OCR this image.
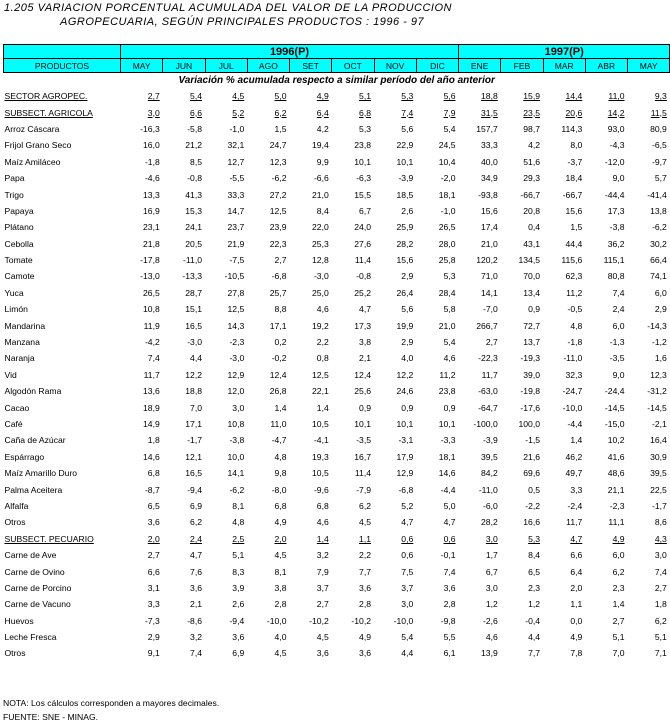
1.205 VARIACION PORCENTUAL ACUMULADA DEL VALOR DE LA PRODUCCION
AGROPECUARIA, SEGÚN PRINCIPALES PRODUCTOS : 1996 - 97
	1996(P)								1997(P)				
PRODUCTOS	MAY	JUN	JUL	AGO	SET	OCT	NOV	DIC	ENE	FEB	MAR	ABR	MAY
Variación % acumulada respecto a similar período del año anterior													
SECTOR AGROPEC.	2,7	5,4	4,5	5,0	4,9	5,1	5,3	5,6	18,8	15,9	14,4	11,0	9,3
SUBSECT. AGRICOLA	3,0	6,6	5,2	6,2	6,4	6,8	7,4	7,9	31,5	23,5	20,6	14,2	11,5
Arroz Cáscara	-16,3	-5,8	-1,0	1,5	4,2	5,3	5,6	5,4	157,7	98,7	114,3	93,0	80,9
Frijol Grano Seco	16,0	21,2	32,1	24,7	19,4	23,8	22,9	24,5	33,3	4,2	8,0	-4,3	-6,5
Maíz Amiláceo	-1,8	8,5	12,7	12,3	9,9	10,1	10,1	10,4	40,0	51,6	-3,7	-12,0	-9,7
Papa	-4,6	-0,8	-5,5	-6,2	-6,6	-6,3	-3,9	-2,0	34,9	29,3	18,4	9,0	5,7
Trigo	13,3	41,3	33,3	27,2	21,0	15,5	18,5	18,1	-93,8	-66,7	-66,7	-44,4	-41,4
Papaya	16,9	15,3	14,7	12,5	8,4	6,7	2,6	-1,0	15,6	20,8	15,6	17,3	13,8
Plátano	23,1	24,1	23,7	23,9	22,0	24,0	25,9	26,5	17,4	0,4	1,5	-3,8	-6,2
Cebolla	21,8	20,5	21,9	22,3	25,3	27,6	28,2	28,0	21,0	43,1	44,4	36,2	30,2
Tomate	-17,8	-11,0	-7,5	2,7	12,8	11,4	15,6	25,8	120,2	134,5	115,6	115,1	66,4
Camote	-13,0	-13,3	-10,5	-6,8	-3,0	-0,8	2,9	5,3	71,0	70,0	62,3	80,8	74,1
Yuca	26,5	28,7	27,8	25,7	25,0	25,2	26,4	28,4	14,1	13,4	11,2	7,4	6,0
Limón	10,8	15,1	12,5	8,8	4,6	4,7	5,6	5,8	-7,0	0,9	-0,5	2,4	2,9
Mandarina	11,9	16,5	14,3	17,1	19,2	17,3	19,9	21,0	266,7	72,7	4,8	6,0	-14,3
Manzana	-4,2	-3,0	-2,3	0,2	2,2	3,8	2,9	5,4	2,7	13,7	-1,8	-1,3	-1,2
Naranja	7,4	4,4	-3,0	-0,2	0,8	2,1	4,0	4,6	-22,3	-19,3	-11,0	-3,5	1,6
Vid	11,7	12,2	12,9	12,4	12,5	12,4	12,2	11,2	11,7	39,0	32,3	9,0	12,3
Algodón Rama	13,6	18,8	12,0	26,8	22,1	25,6	24,6	23,8	-63,0	-19,8	-24,7	-24,4	-31,2
Cacao	18,9	7,0	3,0	1,4	1,4	0,9	0,9	0,9	-64,7	-17,6	-10,0	-14,5	-14,5
Café	14,9	17,1	10,8	11,0	10,5	10,1	10,1	10,1	-100,0	100,0	-4,4	-15,0	-2,1
Caña de Azúcar	1,8	-1,7	-3,8	-4,7	-4,1	-3,5	-3,1	-3,3	-3,9	-1,5	1,4	10,2	16,4
Espárrago	14,6	12,1	10,0	4,8	19,3	16,7	17,9	18,1	39,5	21,6	46,2	41,6	30,9
Maíz Amarillo Duro	6,8	16,5	14,1	9,8	10,5	11,4	12,9	14,6	84,2	69,6	49,7	48,6	39,5
Palma Aceitera	-8,7	-9,4	-6,2	-8,0	-9,6	-7,9	-6,8	-4,4	-11,0	0,5	3,3	21,1	22,5
Alfalfa	6,5	6,9	8,1	6,8	6,8	6,2	5,2	5,0	-6,0	-2,2	-2,4	-2,3	-1,7
Otros	3,6	6,2	4,8	4,9	4,6	4,5	4,7	4,7	28,2	16,6	11,7	11,1	8,6
SUBSECT. PECUARIO	2,0	2,4	2,5	2,0	1,4	1,1	0,6	0,6	3,0	5,3	4,7	4,9	4,3
Carne de Ave	2,7	4,7	5,1	4,5	3,2	2,2	0,6	-0,1	1,7	8,4	6,6	6,0	3,0
Carne de Ovino	6,6	7,6	8,3	8,1	7,9	7,7	7,5	7,4	6,7	6,5	6,4	6,2	7,4
Carne de Porcino	3,1	3,6	3,9	3,8	3,7	3,6	3,7	3,6	3,0	2,3	2,0	2,3	2,7
Carne de Vacuno	3,3	2,1	2,6	2,8	2,7	2,8	3,0	2,8	1,2	1,2	1,1	1,4	1,8
Huevos	-7,3	-8,6	-9,4	-10,0	-10,2	-10,2	-10,0	-9,8	-2,6	-0,4	0,0	2,7	6,2
Leche Fresca	2,9	3,2	3,6	4,0	4,5	4,9	5,4	5,5	4,6	4,4	4,9	5,1	5,1
Otros	9,1	7,4	6,9	4,5	3,6	3,6	4,4	6,1	13,9	7,7	7,8	7,0	7,1
NOTA: Los cálculos corresponden a mayores decimales.
FUENTE: SNE - MINAG.
